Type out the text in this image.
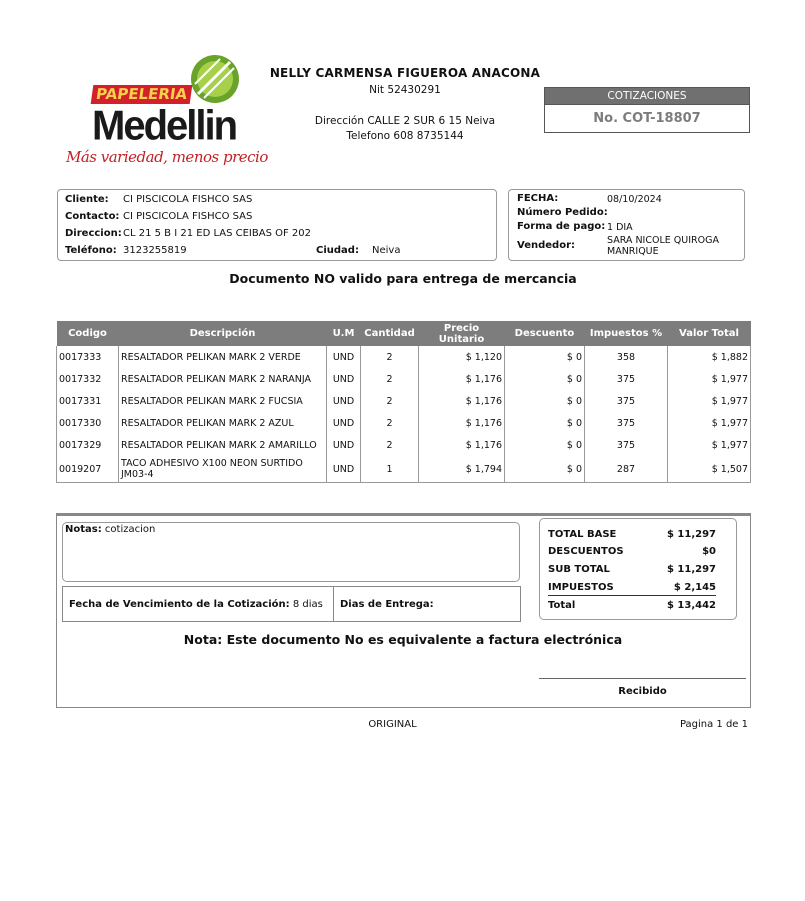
PAPELERIA
Medellin
Más variedad, menos precio
NELLY CARMENSA FIGUEROA ANACONA
Nit 52430291
Dirección CALLE 2 SUR 6 15 Neiva
Telefono 608 8735144
COTIZACIONES
No. COT-18807
Cliente: CI PISCICOLA FISHCO SAS
Contacto: CI PISCICOLA FISHCO SAS
Direccion: CL 21 5 B I 21 ED LAS CEIBAS OF 202
Teléfono: 3123255819	Ciudad: Neiva
FECHA:	08/10/2024
Número Pedido:
Forma de pago: 1 DIA
Vendedor:	SARA NICOLE QUIROGA
MANRIQUE
Documento NO valido para entrega de mercancia
Codigo	Descripción	U.M	Cantidad	Precio Unitario	Descuento	Impuestos %	Valor Total
0017333	RESALTADOR PELIKAN MARK 2 VERDE	UND	2	$ 1,120	$ 0	358	$ 1,882
0017332	RESALTADOR PELIKAN MARK 2 NARANJA	UND	2	$ 1,176	$ 0	375	$ 1,977
0017331	RESALTADOR PELIKAN MARK 2 FUCSIA	UND	2	$ 1,176	$ 0	375	$ 1,977
0017330	RESALTADOR PELIKAN MARK 2 AZUL	UND	2	$ 1,176	$ 0	375	$ 1,977
0017329	RESALTADOR PELIKAN MARK 2 AMARILLO	UND	2	$ 1,176	$ 0	375	$ 1,977
0019207	TACO ADHESIVO X100 NEON SURTIDO JM03-4	UND	1	$ 1,794	$ 0	287	$ 1,507
Notas: cotizacion
Fecha de Vencimiento de la Cotización: 8 dias Dias de Entrega:
TOTAL BASE	$ 11,297
DESCUENTOS	$0
SUB TOTAL	$ 11,297
IMPUESTOS	$ 2,145
Total	$ 13,442
Nota: Este documento No es equivalente a factura electrónica
Recibido
ORIGINAL	Pagina 1 de 1
